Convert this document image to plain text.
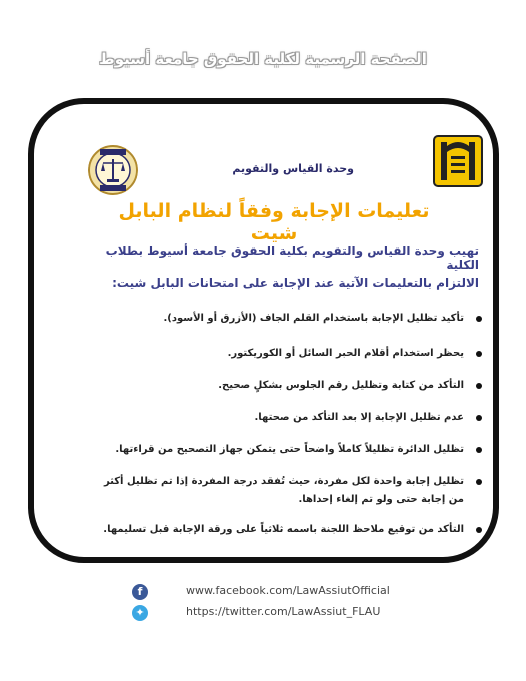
الصفحة الرسمية لكلية الحقوق جامعة أسيوط
وحدة القياس والتقويم
تعليمات الإجابة وفقاً لنظام البابل شيت
تهيب وحدة القياس والتقويم بكلية الحقوق جامعة أسيوط بطلاب الكلية
الالتزام بالتعليمات الآتية عند الإجابة على امتحانات البابل شيت:
تأكيد تظليل الإجابة باستخدام القلم الجاف (الأزرق أو الأسود).
يحظر استخدام أقلام الحبر السائل أو الكوريكتور.
التأكد من كتابة وتظليل رقم الجلوس بشكلٍ صحيح.
عدم تظليل الإجابة إلا بعد التأكد من صحتها.
تظليل الدائرة تظليلاً كاملاً واضحاً حتى يتمكن جهاز التصحيح من قراءتها.
تظليل إجابة واحدة لكل مفردة، حيث تُفقد درجة المفردة إذا تم تظليل أكثر من إجابة حتى ولو تم إلغاء إحداها.
التأكد من توقيع ملاحظ اللجنة باسمه ثلاثياً على ورقة الإجابة قبل تسليمها.
f	www.facebook.com/LawAssiutOfficial
✦	https://twitter.com/LawAssiut_FLAU
